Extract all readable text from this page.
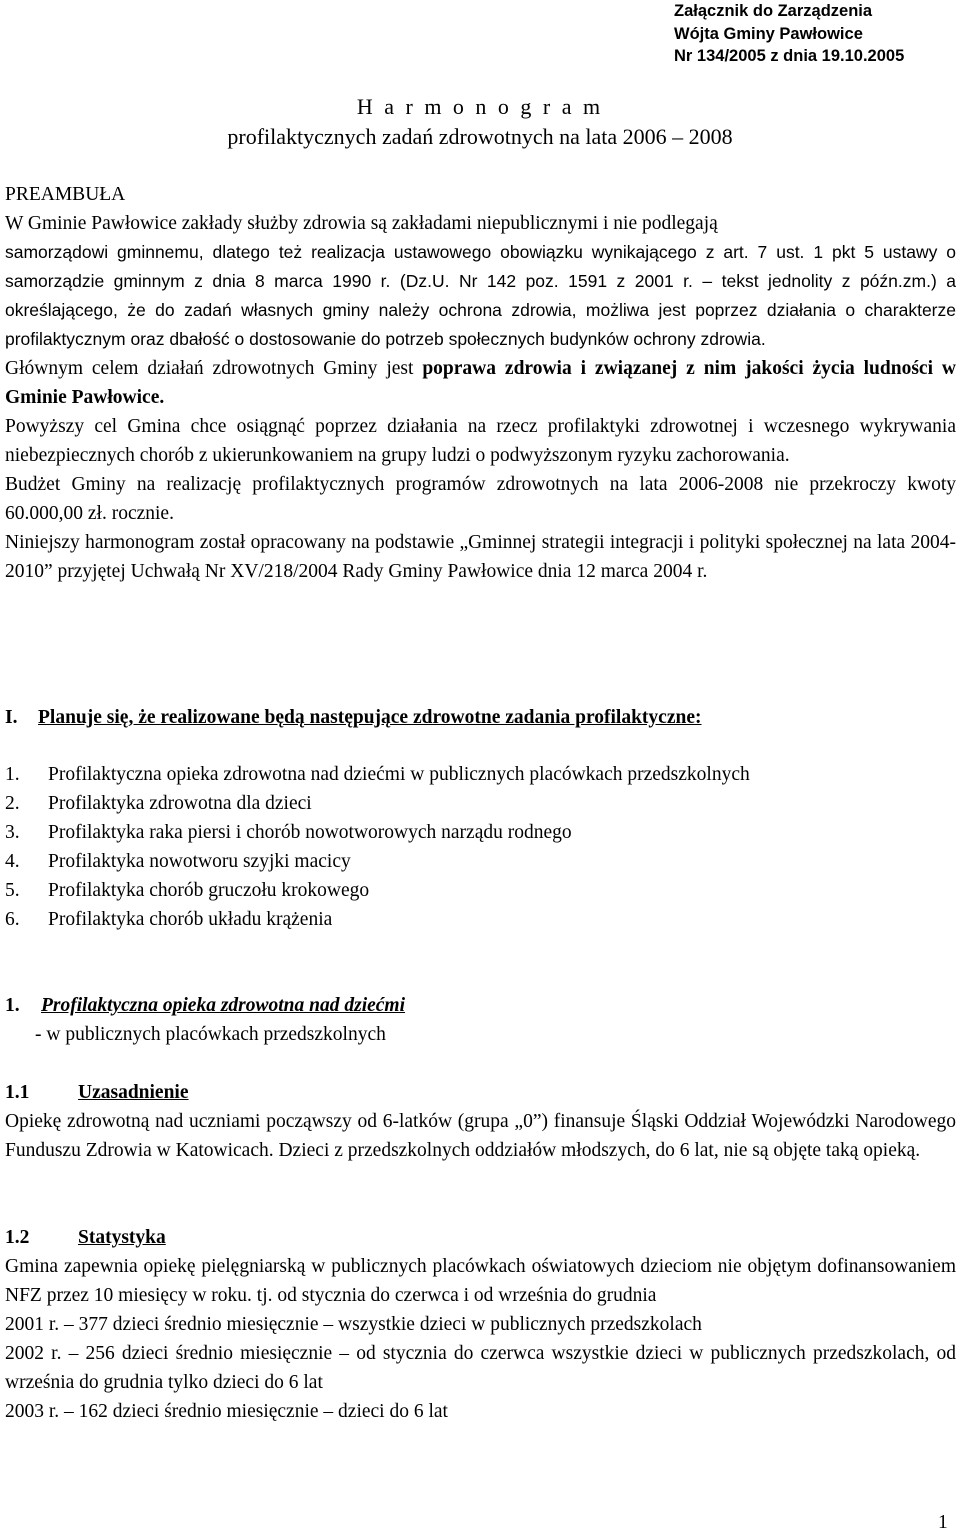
Załącznik do Zarządzenia
Wójta Gminy Pawłowice
Nr 134/2005 z dnia 19.10.2005
H a r m o n o g r a m
profilaktycznych zadań zdrowotnych na lata 2006 – 2008

PREAMBUŁA

W Gminie Pawłowice zakłady służby zdrowia są zakładami niepublicznymi i nie podlegają

samorządowi gminnemu, dlatego też realizacja ustawowego obowiązku wynikającego z art. 7 ust. 1 pkt 5 ustawy o samorządzie gminnym z dnia 8 marca 1990 r. (Dz.U. Nr 142 poz. 1591 z 2001 r. – tekst jednolity z późn.zm.) a określającego, że do zadań własnych gminy należy ochrona zdrowia, możliwa jest poprzez działania o charakterze profilaktycznym oraz dbałość o dostosowanie do potrzeb społecznych budynków ochrony zdrowia.

Głównym celem działań zdrowotnych Gminy jest poprawa zdrowia i związanej z nim jakości życia ludności w Gminie Pawłowice.

Powyższy cel Gmina chce osiągnąć poprzez działania na rzecz profilaktyki zdrowotnej i wczesnego wykrywania niebezpiecznych chorób z ukierunkowaniem na grupy ludzi o podwyższonym ryzyku zachorowania.

Budżet Gminy na realizację profilaktycznych programów zdrowotnych na lata 2006-2008 nie przekroczy kwoty 60.000,00 zł. rocznie.

Niniejszy harmonogram został opracowany na podstawie „Gminnej strategii integracji i polityki społecznej na lata 2004-2010” przyjętej Uchwałą Nr XV/218/2004 Rady Gminy Pawłowice dnia 12 marca 2004 r.

I. Planuje się, że realizowane będą następujące zdrowotne zadania profilaktyczne:

1.	Profilaktyczna opieka zdrowotna nad dziećmi w publicznych placówkach przedszkolnych
2.	Profilaktyka zdrowotna dla dzieci
3.	Profilaktyka raka piersi i chorób nowotworowych narządu rodnego
4.	Profilaktyka nowotworu szyjki macicy
5.	Profilaktyka chorób gruczołu krokowego
6.	Profilaktyka chorób układu krążenia

1. Profilaktyczna opieka zdrowotna nad dziećmi

- w publicznych placówkach przedszkolnych

1.1 Uzasadnienie

Opiekę zdrowotną nad uczniami począwszy od 6-latków (grupa „0”) finansuje Śląski Oddział Wojewódzki Narodowego Funduszu Zdrowia w Katowicach. Dzieci z przedszkolnych oddziałów młodszych, do 6 lat, nie są objęte taką opieką.

1.2 Statystyka

Gmina zapewnia opiekę pielęgniarską w publicznych placówkach oświatowych dzieciom nie objętym dofinansowaniem NFZ przez 10 miesięcy w roku. tj. od stycznia do czerwca i od września do grudnia

2001 r. – 377 dzieci średnio miesięcznie – wszystkie dzieci w publicznych przedszkolach

2002 r. – 256 dzieci średnio miesięcznie – od stycznia do czerwca wszystkie dzieci w publicznych przedszkolach, od września do grudnia tylko dzieci do 6 lat

2003 r. – 162 dzieci średnio miesięcznie – dzieci do 6 lat

1
